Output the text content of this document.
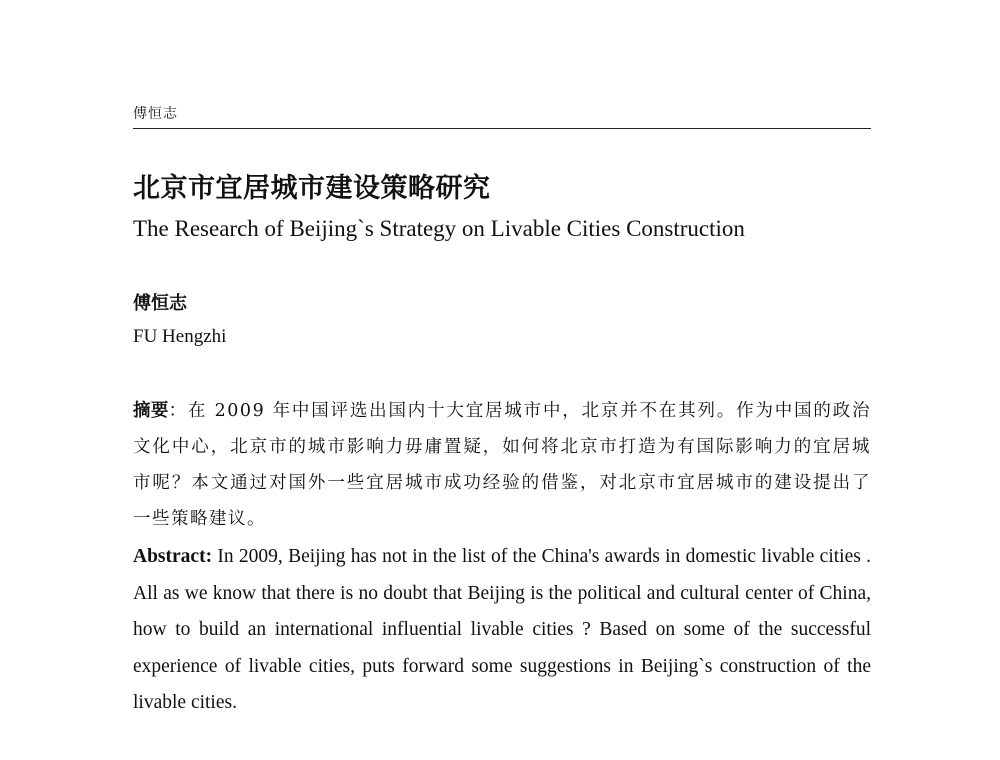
傅恒志
北京市宜居城市建设策略研究
The Research of Beijing`s Strategy on Livable Cities Construction
傅恒志
FU Hengzhi
摘要：在 2009 年中国评选出国内十大宜居城市中，北京并不在其列。作为中国的政治文化中心，北京市的城市影响力毋庸置疑，如何将北京市打造为有国际影响力的宜居城市呢？本文通过对国外一些宜居城市成功经验的借鉴，对北京市宜居城市的建设提出了一些策略建议。
Abstract: In 2009, Beijing has not in the list of the China's awards in domestic livable cities . All as we know that there is no doubt that Beijing is the political and cultural center of China, how to build an international influential livable cities ? Based on some of the successful experience of livable cities, puts forward some suggestions in Beijing`s construction of the livable cities.
